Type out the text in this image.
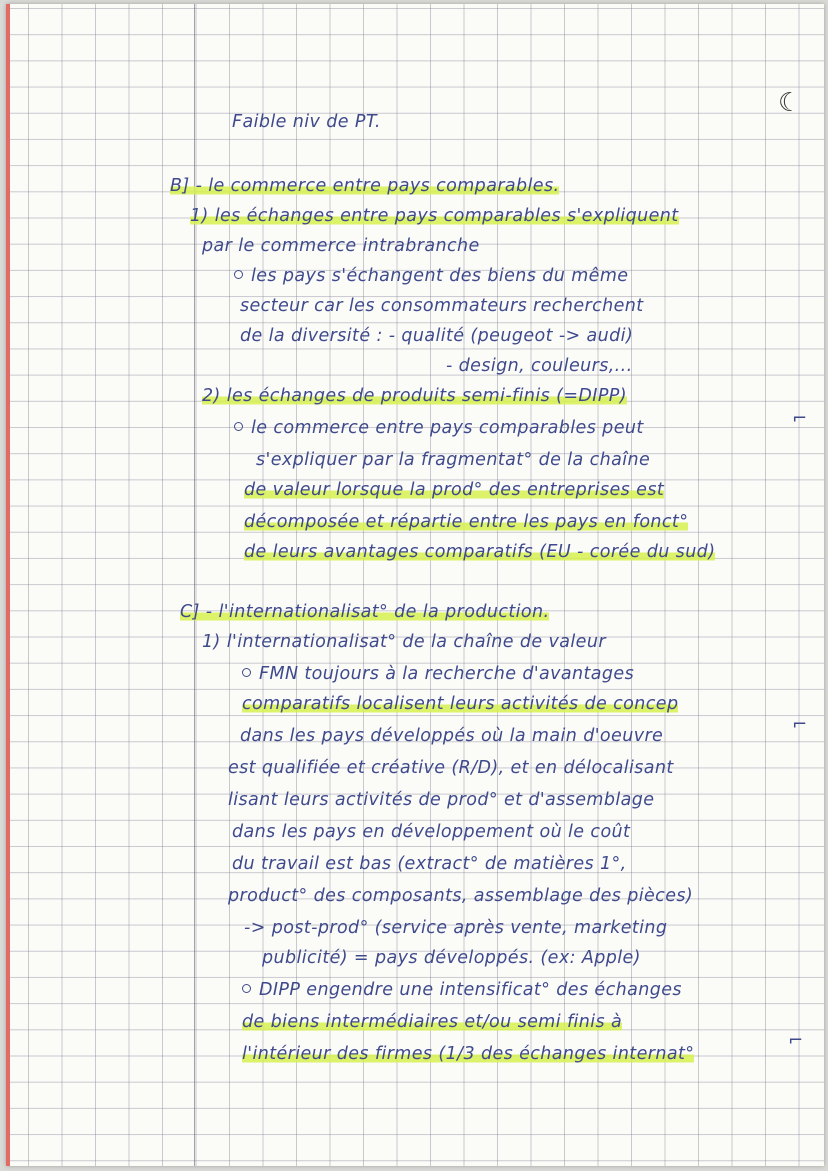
☾
Faible niv de PT.
B] - le commerce entre pays comparables.
1) les échanges entre pays comparables s'expliquent
par le commerce intrabranche
les pays s'échangent des biens du même
secteur car les consommateurs recherchent
de la diversité : - qualité (peugeot -> audi)
- design, couleurs,...
2) les échanges de produits semi-finis (=DIPP)
⌐
le commerce entre pays comparables peut
s'expliquer par la fragmentat° de la chaîne
de valeur lorsque la prod° des entreprises est
décomposée et répartie entre les pays en fonct°
de leurs avantages comparatifs (EU - corée du sud)
C] - l'internationalisat° de la production.
1) l'internationalisat° de la chaîne de valeur
FMN toujours à la recherche d'avantages
comparatifs localisent leurs activités de concep
⌐
dans les pays développés où la main d'oeuvre
est qualifiée et créative (R/D), et en délocalisant
lisant leurs activités de prod° et d'assemblage
dans les pays en développement où le coût
du travail est bas (extract° de matières 1°,
product° des composants, assemblage des pièces)
-> post-prod° (service après vente, marketing
publicité) = pays développés. (ex: Apple)
DIPP engendre une intensificat° des échanges
de biens intermédiaires et/ou semi finis à
⌐
l'intérieur des firmes (1/3 des échanges internat°
